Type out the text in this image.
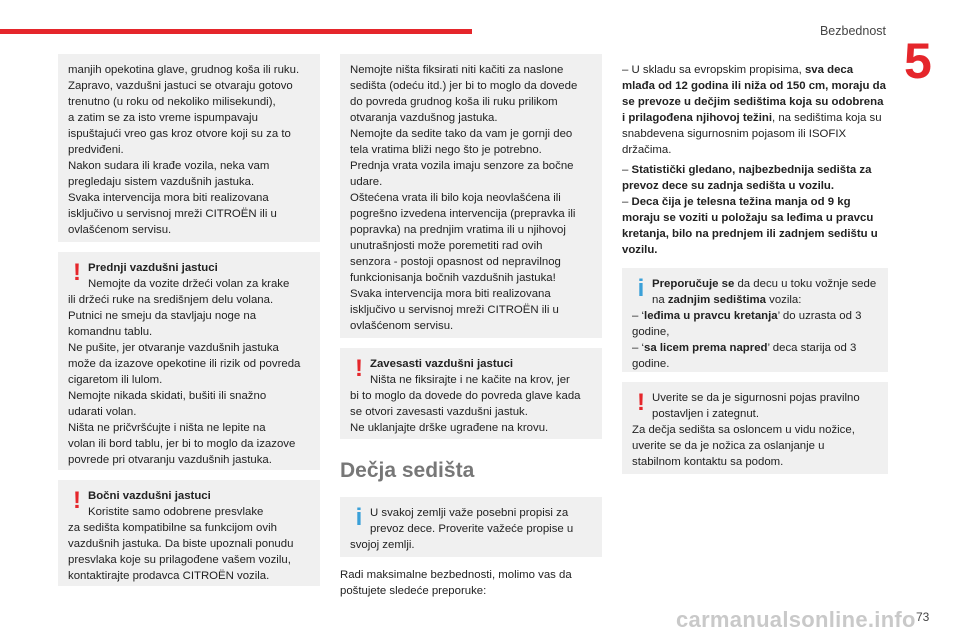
Bezbednost
5
73

manjih opekotina glave, grudnog koša ili ruku.

Zapravo, vazdušni jastuci se otvaraju gotovo

trenutno (u roku od nekoliko milisekundi),

a zatim se za isto vreme ispumpavaju

ispuštajući vreo gas kroz otvore koji su za to

predviđeni.

Nakon sudara ili krađe vozila, neka vam

pregledaju sistem vazdušnih jastuka.

Svaka intervencija mora biti realizovana

isključivo u servisnoj mreži CITROËN ili u

ovlašćenom servisu.

! Prednji vazdušni jastuci

Nemojte da vozite držeći volan za krake

ili držeći ruke na središnjem delu volana.

Putnici ne smeju da stavljaju noge na

komandnu tablu.

Ne pušite, jer otvaranje vazdušnih jastuka

može da izazove opekotine ili rizik od povreda

cigaretom ili lulom.

Nemojte nikada skidati, bušiti ili snažno

udarati volan.

Ništa ne pričvršćujte i ništa ne lepite na

volan ili bord tablu, jer bi to moglo da izazove

povrede pri otvaranju vazdušnih jastuka.

! Bočni vazdušni jastuci

Koristite samo odobrene presvlake

za sedišta kompatibilne sa funkcijom ovih

vazdušnih jastuka. Da biste upoznali ponudu

presvlaka koje su prilagođene vašem vozilu,

kontaktirajte prodavca CITROËN vozila.

Nemojte ništa fiksirati niti kačiti za naslone

sedišta (odeću itd.) jer bi to moglo da dovede

do povreda grudnog koša ili ruku prilikom

otvaranja vazdušnog jastuka.

Nemojte da sedite tako da vam je gornji deo

tela vratima bliži nego što je potrebno.

Prednja vrata vozila imaju senzore za bočne

udare.

Oštećena vrata ili bilo koja neovlašćena ili

pogrešno izvedena intervencija (prepravka ili

popravka) na prednjim vratima ili u njihovoj

unutrašnjosti može poremetiti rad ovih

senzora - postoji opasnost od nepravilnog

funkcionisanja bočnih vazdušnih jastuka!

Svaka intervencija mora biti realizovana

isključivo u servisnoj mreži CITROËN ili u

ovlašćenom servisu.

! Zavesasti vazdušni jastuci

Ništa ne fiksirajte i ne kačite na krov, jer

bi to moglo da dovede do povreda glave kada

se otvori zavesasti vazdušni jastuk.

Ne uklanjajte drške ugrađene na krovu.

Dečja sedišta
i U svakoj zemlji važe posebni propisi za

prevoz dece. Proverite važeće propise u

svojoj zemlji.

Radi maksimalne bezbednosti, molimo vas da

poštujete sledeće preporuke:

– U skladu sa evropskim propisima, sva deca mlađa od 12 godina ili niža od 150 cm, moraju da se prevoze u dečjim sedištima koja su odobrena i prilagođena njihovoj težini, na sedištima koja su snabdevena sigurnosnim pojasom ili ISOFIX držačima.

– Statistički gledano, najbezbednija sedišta za prevoz dece su zadnja sedišta u vozilu.

– Deca čija je telesna težina manja od 9 kg moraju se voziti u položaju sa leđima u pravcu kretanja, bilo na prednjem ili zadnjem sedištu u vozilu.

i Preporučuje se da decu u toku vožnje sede na zadnjim sedištima vozila:

– ‘leđima u pravcu kretanja’ do uzrasta od 3 godine,

– ‘sa licem prema napred’ deca starija od 3 godine.

! Uverite se da je sigurnosni pojas pravilno

postavljen i zategnut.

Za dečja sedišta sa osloncem u vidu nožice,

uverite se da je nožica za oslanjanje u

stabilnom kontaktu sa podom.

carmanualsonline.info
